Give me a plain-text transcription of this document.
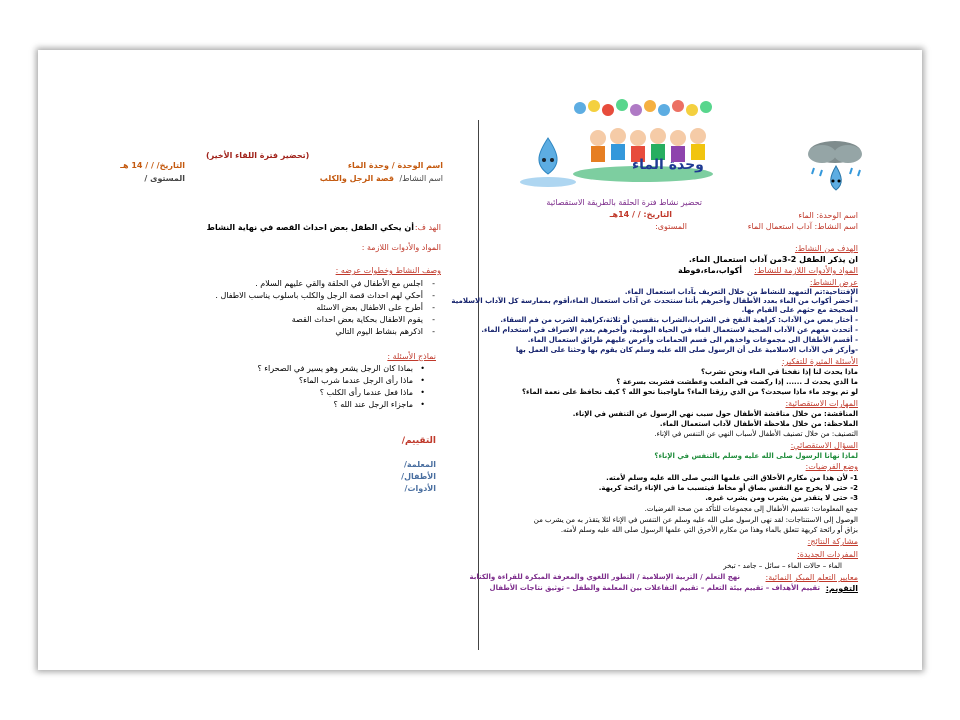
(تحضير فترة اللقاء الأخير)
اسم الوحدة / وحدة الماء
التاريخ/ / / 14 هـ
اسم النشاط/
قصة الرجل والكلب
المستوى /
الهد ف:
أن يحكي الطفل بعض احداث القصه في نهاية النشاط
المواد والأدوات اللازمة :
وصف النشاط وخطوات عرضه :
- اجلس مع الأطفال في الحلقة والقي عليهم السلام .
- أحكي لهم احداث قصة الرجل والكلب باسلوب يناسب الاطفال .
- أطرح على الاطفال بعض الاسئله
- يقوم الاطفال بحكاية بعض احداث القصة
- اذكرهم بنشاط اليوم التالي
نماذج الأسئلة :
• بماذا كان الرجل يشعر وهو يسير في الصحراء ؟
• ماذا رأى الرجل عندما شرب الماء؟
• ماذا فعل عندما رأى الكلب ؟
• ماجزاء الرجل عند الله ؟
التقييم/
المعلمة/
الأطفال/
الأدوات/
وحدة الماء
تحضير نشاط فترة الحلقة بالطريقة الاستقصائية
اسم الوحدة: الماء
التاريخ: / / 14هـ
اسم النشاط: آداب استعمال الماء
المستوى:
الهدف من النشاط:
ان يذكر الطفل 2-3من آداب استعمال الماء.
المواد والأدوات اللازمة للنشاط:
أكواب،ماء،فوطة
عرض النشاط:
الإفتتاحية:تم التمهيد للنشاط من خلال التعريف بآداب استعمال الماء.
- أحضر أكواب من الماء بعدد الأطفال وأخبرهم بأننا سنتحدث عن آداب استعمال الماء،أقوم بممارسة كل الآداب الاسلامية
الصحيحة مع حثهم على القيام بها.
- أختار بعض من الآداب: كراهية النفخ في الشراب،الشراب بنفسين أو ثلاثة،كراهية الشرب من فم السقاء.
- أتحدث معهم عن الآداب الصحية لاستعمال الماء في الحياة اليومية، وأخبرهم بعدم الاسراف في استخدام الماء.
- أقسم الأطفال الى مجموعات واخذهم الى قسم الحمامات وأعرض عليهم طرائق استعمال الماء.
-وأركز في الآداب الاسلامية على أن الرسول صلى الله عليه وسلم كان يقوم بها وحثنا على العمل بها
الأسئلة المثيرة للتفكير:
ماذا يحدث لنا إذا نفخنا في الماء ونحن نشرب؟
ما الذي يحدث لـ ...... إذا ركضت في الملعب وعطشت فشربت بسرعة ؟
لو تم يوجد ماء ماذا سيحدث؟ من الذي رزقنا الماء؟ ماواجبنا نحو الله ؟ كيف نحافظ على نعمة الماء؟
المهارات الاستقصائية:
المناقشة: من خلال مناقشة الأطفال حول سبب نهي الرسول عن التنفس في الإناء.
الملاحظة: من خلال ملاحظة الأطفال لآداب استعمال الماء.
التصنيف: من خلال تصنيف الأطفال لأسباب النهي عن التنفس في الإناء.
السؤال الاستقصائي:
لماذا نهانا الرسول صلى الله عليه وسلم بالتنفس في الإناء؟
وضع الفرضيات:
1- لأن هذا من مكارم الأخلاق التي علمها النبي صلى الله عليه وسلم لأمته.
2- حتى لا يخرج مع النفس بصاق أو مخاط فيتسبب ما في الإناء رائحة كريهة.
3- حتى لا يتقذر من يشرب ومن يشرب غيره.
جمع المعلومات: تقسيم الأطفال إلى مجموعات للتأكد من صحة الفرضيات.
الوصول إلى الاستنتاجات: لقد نهى الرسول صلى الله عليه وسلم عن التنفس في الإناء لئلا يتقذر به من يشرب من
بزاق أو رائحة كريهة تتعلق بالماء وهذا من مكارم الأخرق التي علمها الرسول صلى الله عليه وسلم لأمته.
مشاركة النتائج:
المفردات الجديدة:
الماء – حالات الماء – سائل – جامد - تبخر
معايير التعلم المبكر النمائية:
نهج التعلم / التربية الإسلامية / التطور اللغوي والمعرفة المبكرة للقراءة والكتابة
التقويم:
تقييم الأهداف – تقييم بيئة التعلم – تقييم التفاعلات بين المعلمة والطفل – توثيق نتاجات الأطفال
